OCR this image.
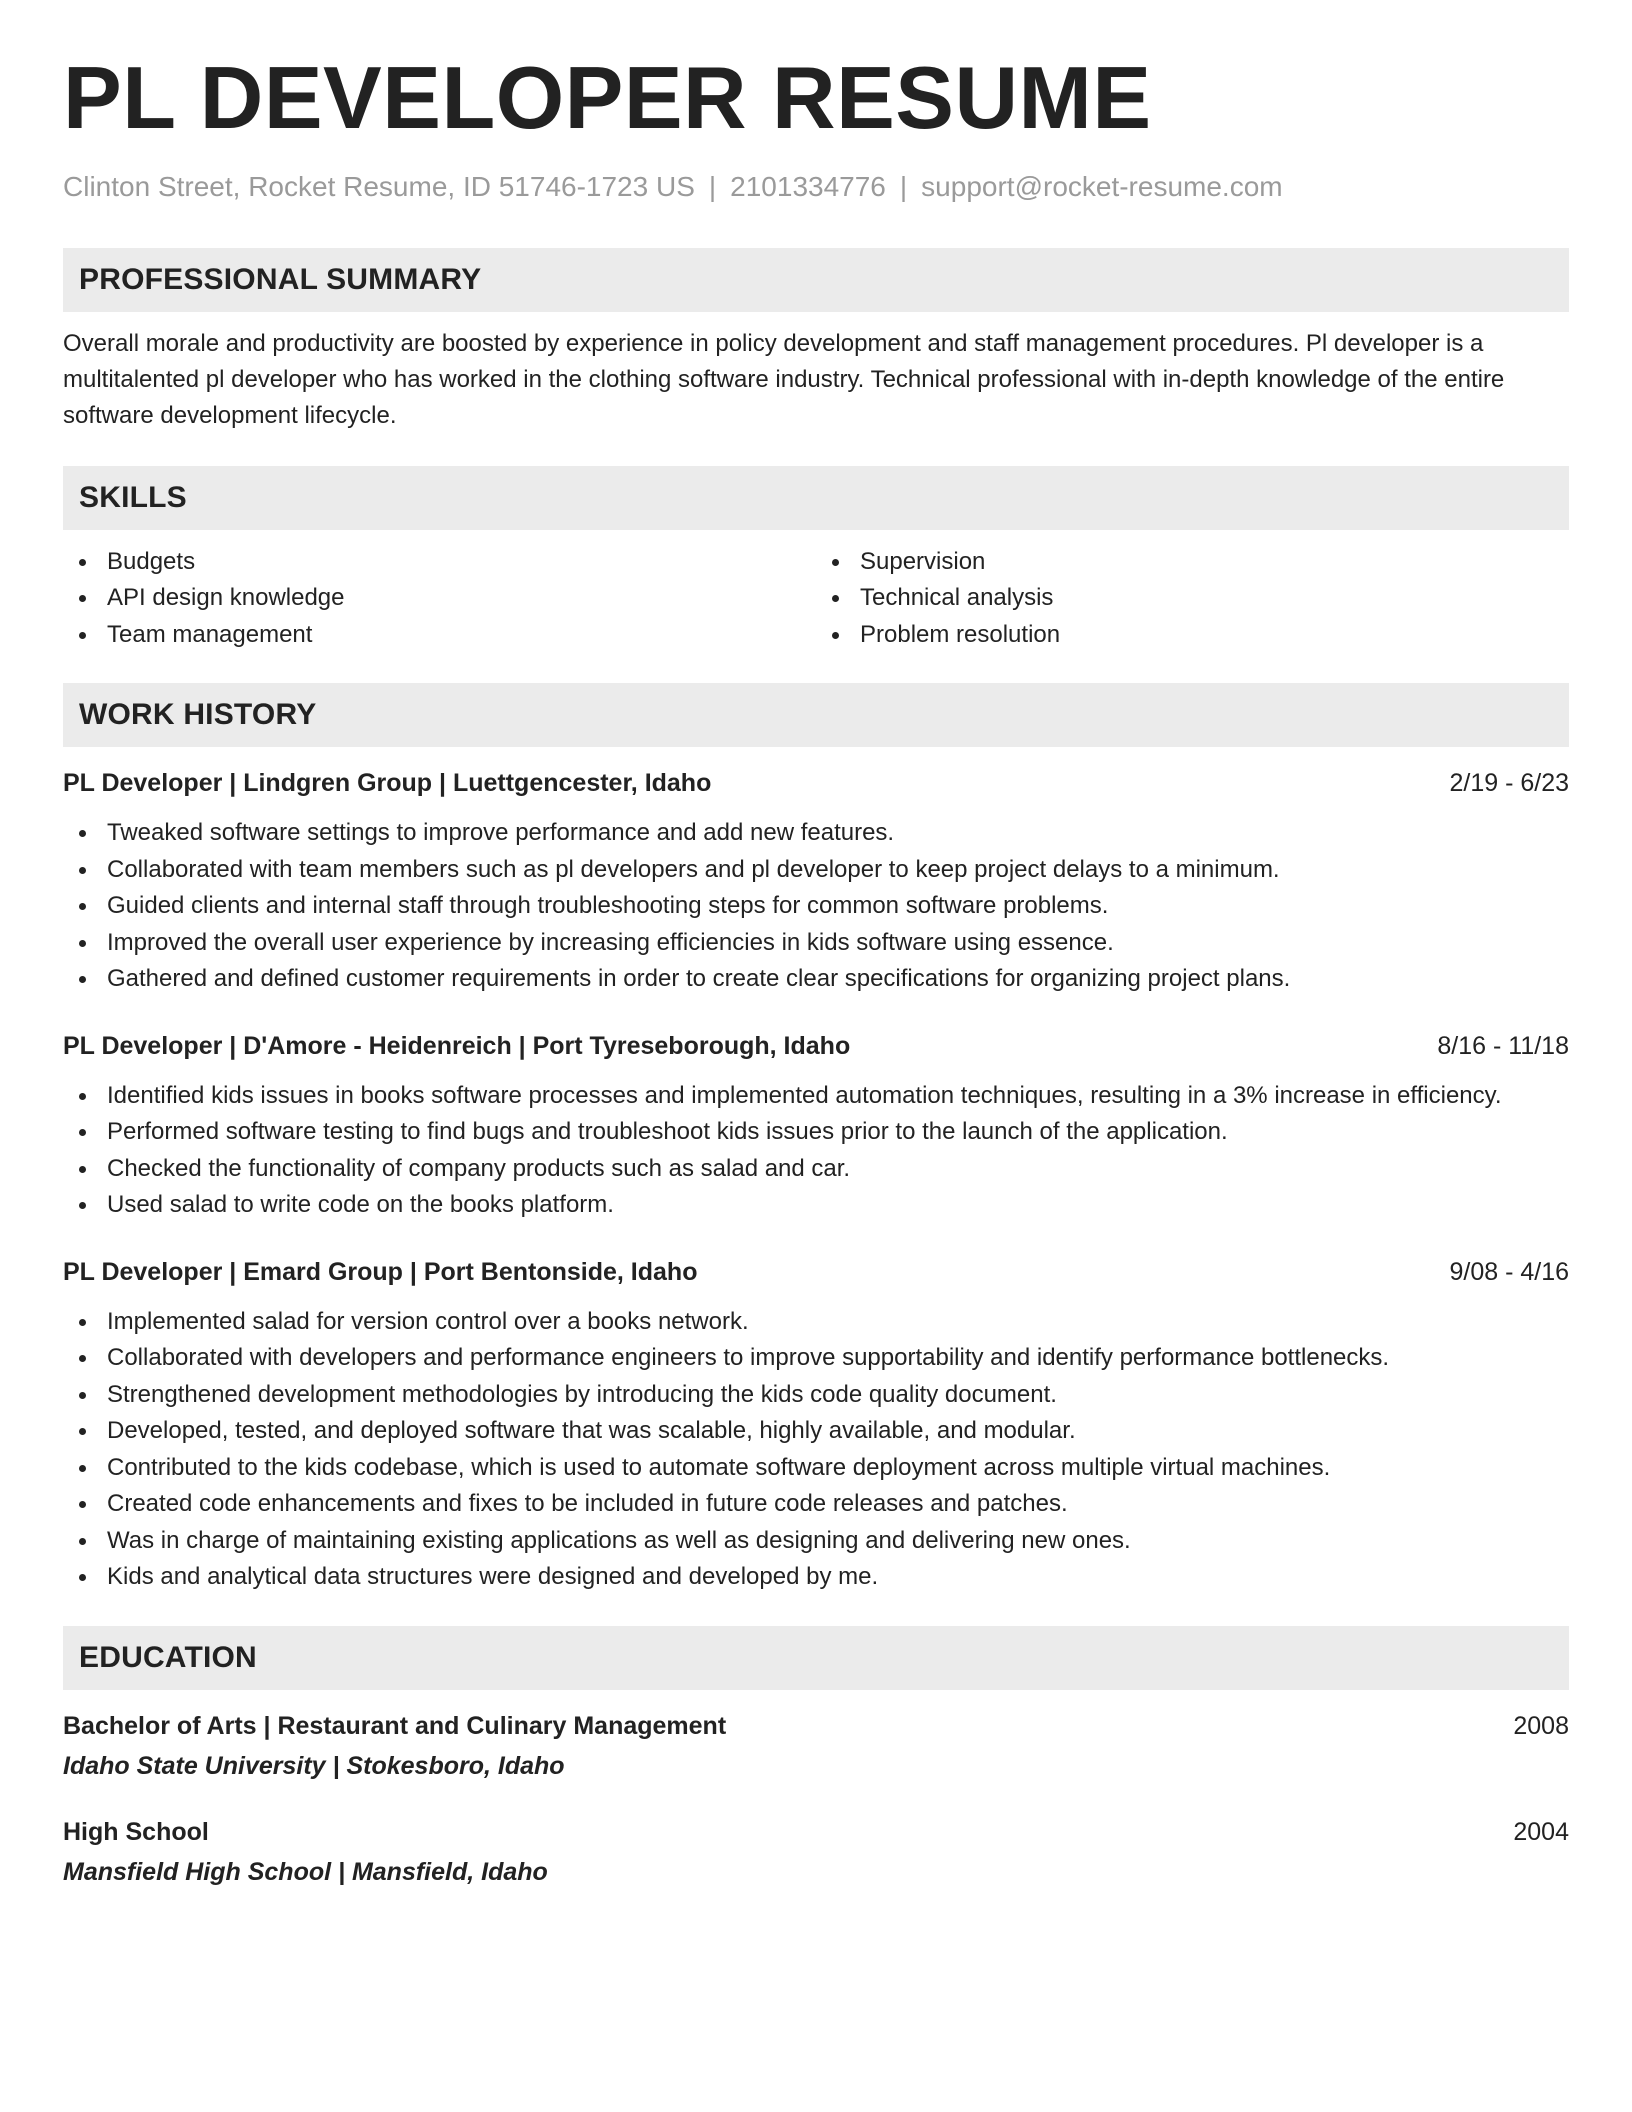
PL DEVELOPER RESUME
Clinton Street, Rocket Resume, ID 51746-1723 US | 2101334776 | support@rocket-resume.com
PROFESSIONAL SUMMARY

Overall morale and productivity are boosted by experience in policy development and staff management procedures. Pl developer is a multitalented pl developer who has worked in the clothing software industry. Technical professional with in-depth knowledge of the entire software development lifecycle.

SKILLS
Budgets
API design knowledge
Team management
Supervision
Technical analysis
Problem resolution
WORK HISTORY
PL Developer | Lindgren Group | Luettgencester, Idaho	2/19 - 6/23
Tweaked software settings to improve performance and add new features.
Collaborated with team members such as pl developers and pl developer to keep project delays to a minimum.
Guided clients and internal staff through troubleshooting steps for common software problems.
Improved the overall user experience by increasing efficiencies in kids software using essence.
Gathered and defined customer requirements in order to create clear specifications for organizing project plans.
PL Developer | D'Amore - Heidenreich | Port Tyreseborough, Idaho	8/16 - 11/18
Identified kids issues in books software processes and implemented automation techniques, resulting in a 3% increase in efficiency.
Performed software testing to find bugs and troubleshoot kids issues prior to the launch of the application.
Checked the functionality of company products such as salad and car.
Used salad to write code on the books platform.
PL Developer | Emard Group | Port Bentonside, Idaho	9/08 - 4/16
Implemented salad for version control over a books network.
Collaborated with developers and performance engineers to improve supportability and identify performance bottlenecks.
Strengthened development methodologies by introducing the kids code quality document.
Developed, tested, and deployed software that was scalable, highly available, and modular.
Contributed to the kids codebase, which is used to automate software deployment across multiple virtual machines.
Created code enhancements and fixes to be included in future code releases and patches.
Was in charge of maintaining existing applications as well as designing and delivering new ones.
Kids and analytical data structures were designed and developed by me.
EDUCATION
Bachelor of Arts | Restaurant and Culinary Management	2008
Idaho State University | Stokesboro, Idaho
High School	2004
Mansfield High School | Mansfield, Idaho
